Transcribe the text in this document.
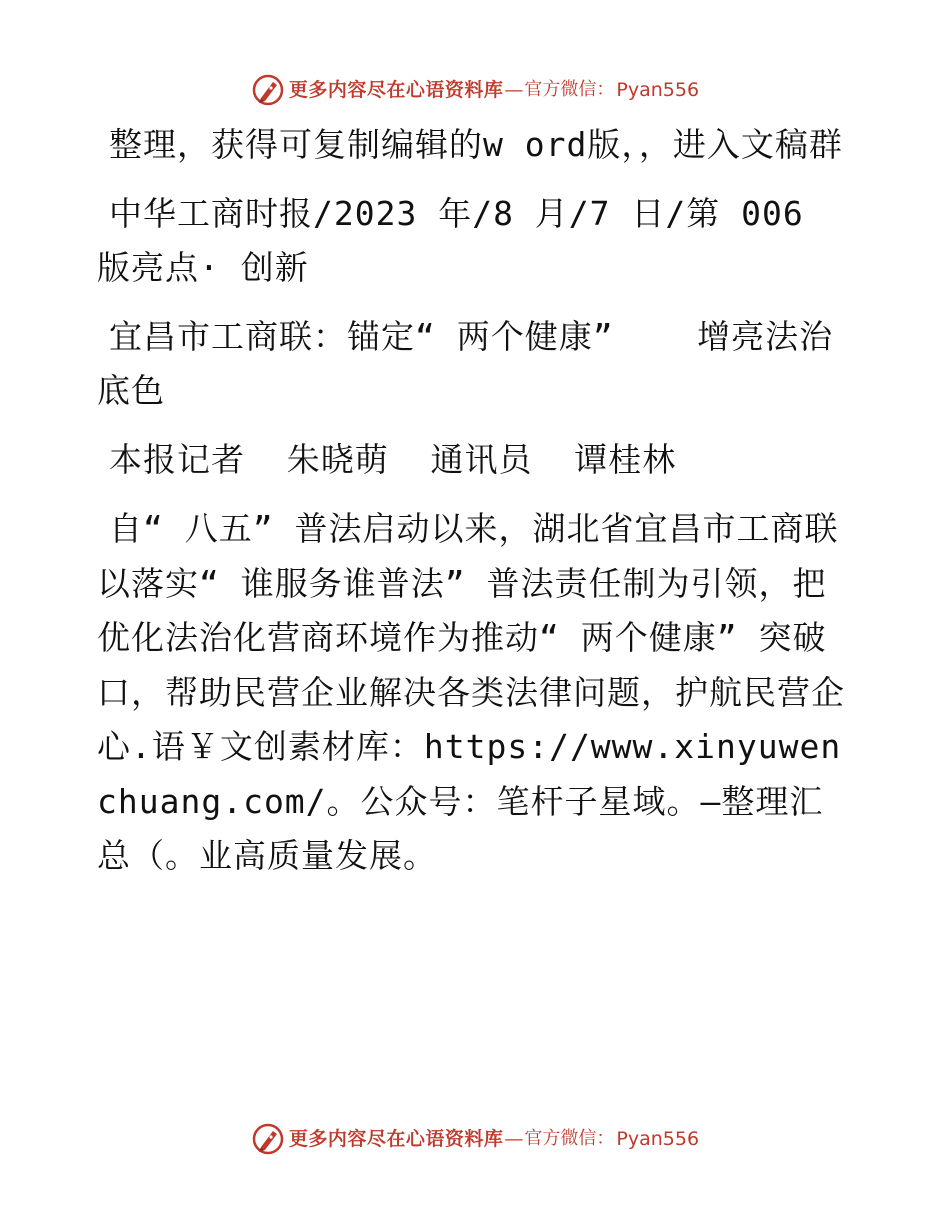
更多内容尽在心语资料库 — 官方微信： Pyan556

整理，获得可复制编辑的w ord版，，进入文稿群

中华工商时报/2023 年/8 月/7 日/第 006 版亮点· 创新

宜昌市工商联：锚定“ 两个健康”    增亮法治底色

本报记者  朱晓萌  通讯员  谭桂林

自“ 八五” 普法启动以来，湖北省宜昌市工商联以落实“ 谁服务谁普法” 普法责任制为引领，把优化法治化营商环境作为推动“ 两个健康” 突破口，帮助民营企业解决各类法律问题，护航民营企心.语￥文创素材库：https://www.xinyuwenchuang.com/。公众号：笔杆子星域。—整理汇总（。业高质量发展。

更多内容尽在心语资料库 — 官方微信： Pyan556
